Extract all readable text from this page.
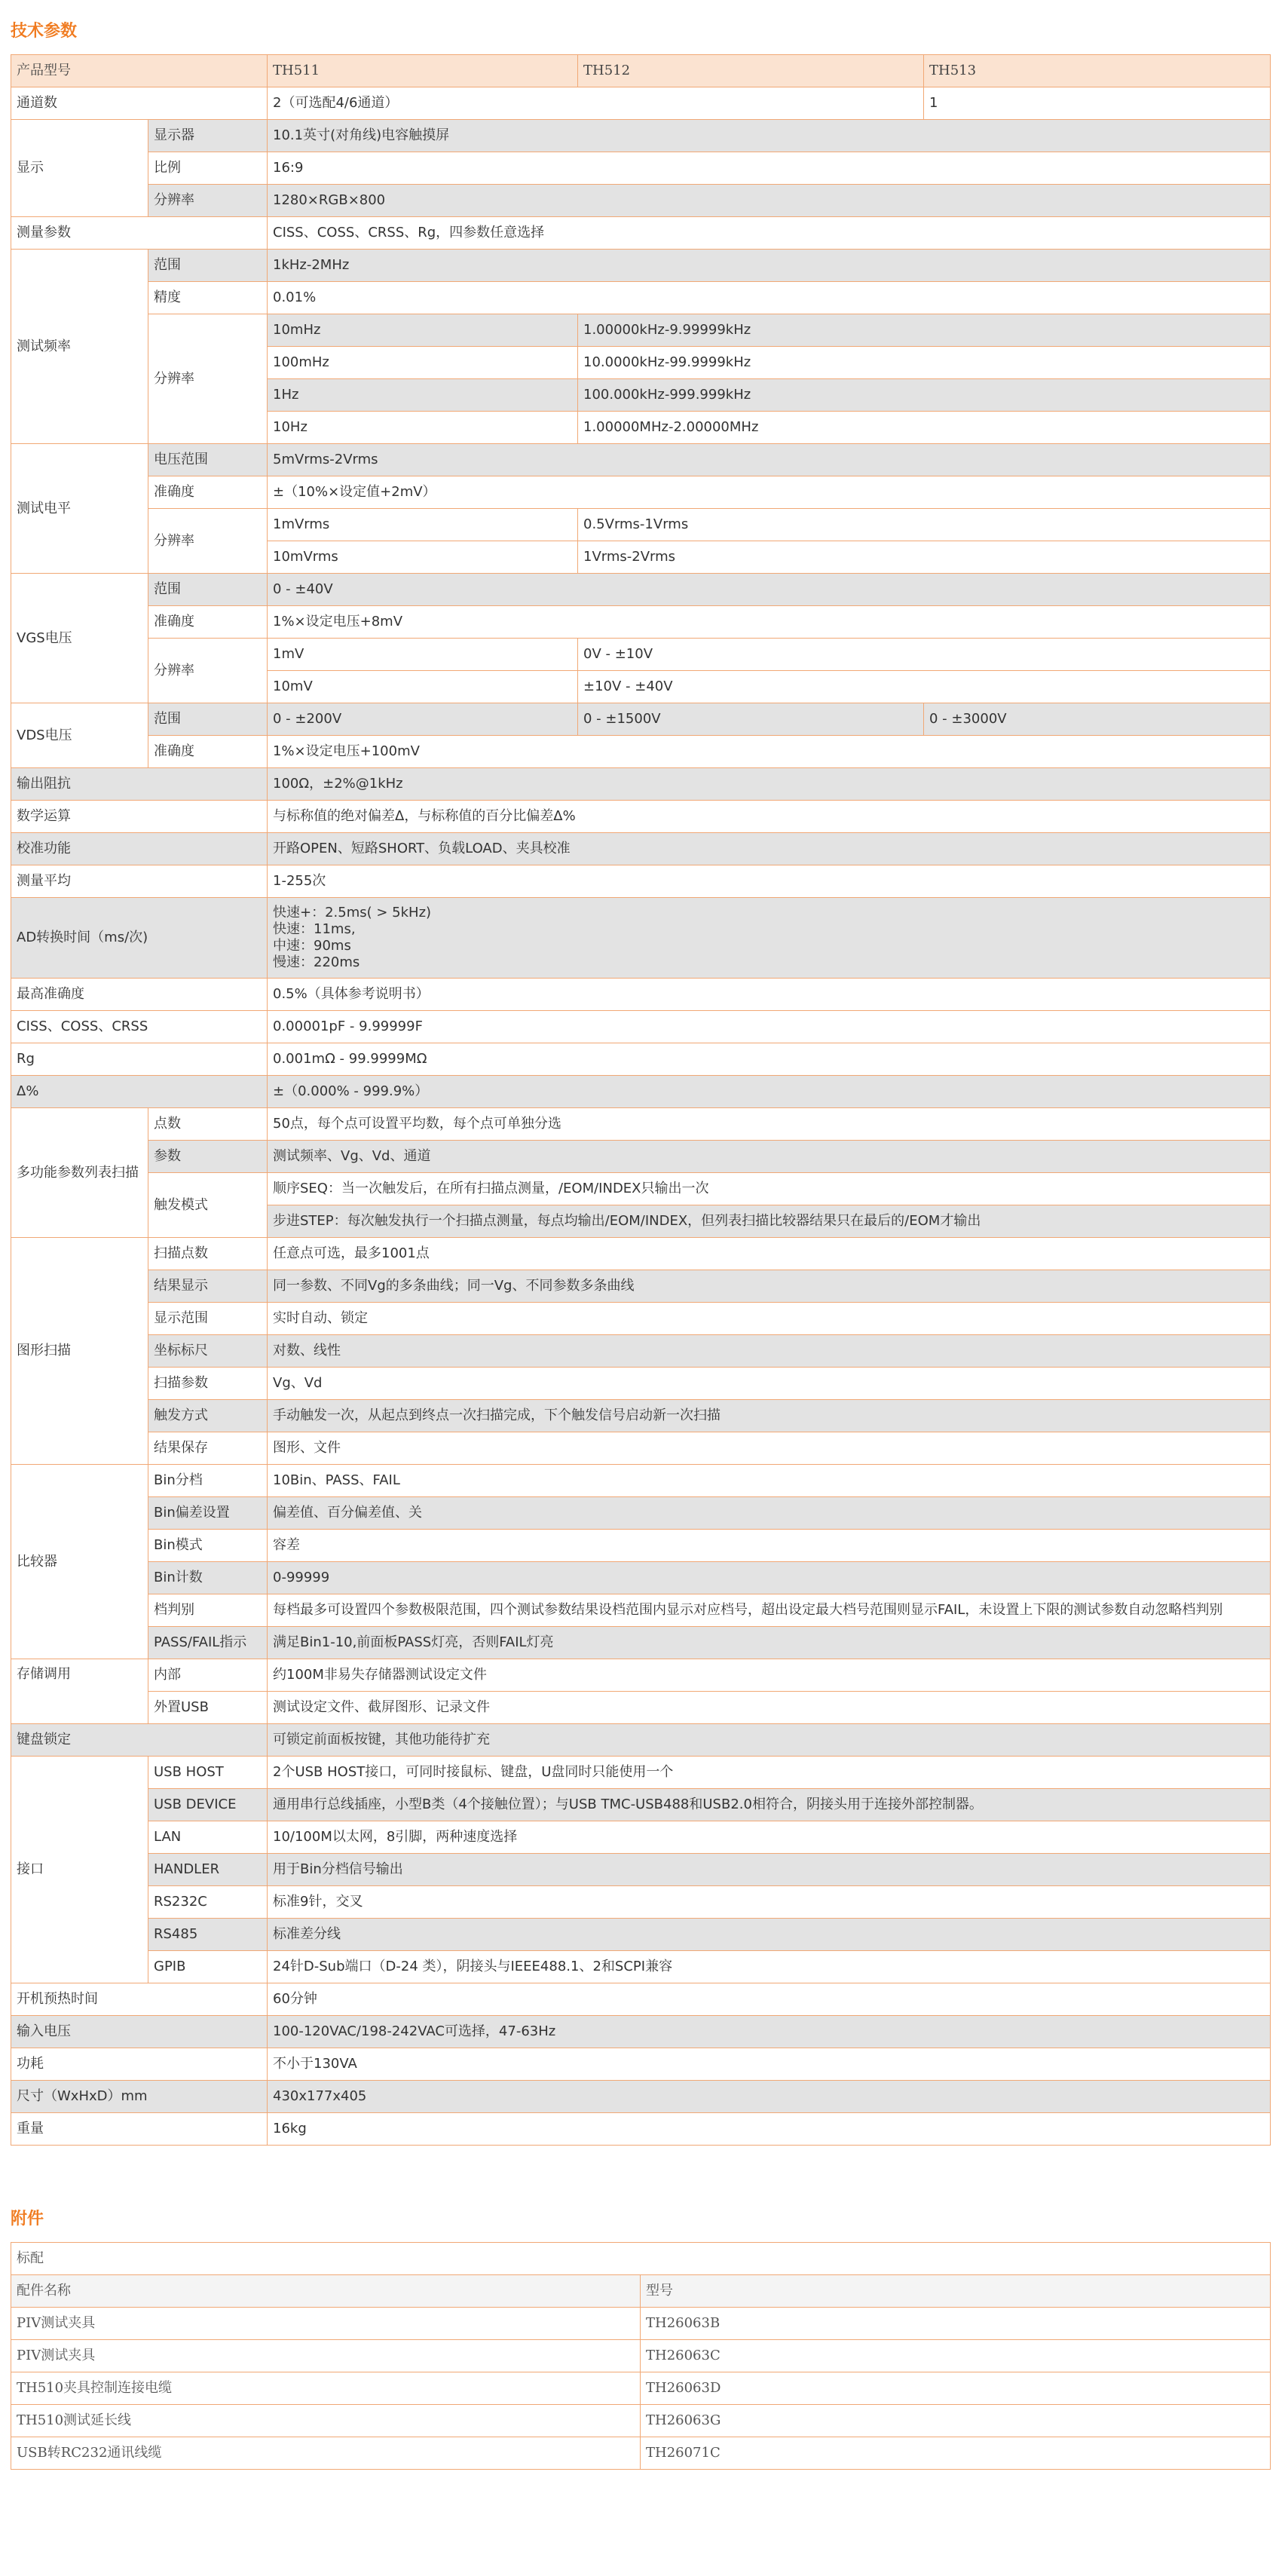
技术参数
产品型号		TH511	TH512	TH513
通道数		2（可选配4/6通道）		1
显示	显示器	10.1英寸(对角线)电容触摸屏		
	比例	16:9		
	分辨率	1280×RGB×800		
测量参数		CISS、COSS、CRSS、Rg，四参数任意选择		
测试频率	范围	1kHz-2MHz		
	精度	0.01%		
	分辨率	10mHz	1.00000kHz-9.99999kHz	
		100mHz	10.0000kHz-99.9999kHz	
		1Hz	100.000kHz-999.999kHz	
		10Hz	1.00000MHz-2.00000MHz	
测试电平	电压范围	5mVrms-2Vrms		
	准确度	±（10%×设定值+2mV）		
	分辨率	1mVrms	0.5Vrms-1Vrms	
		10mVrms	1Vrms-2Vrms	
VGS电压	范围	0 - ±40V		
	准确度	1%×设定电压+8mV		
	分辨率	1mV	0V - ±10V	
		10mV	±10V - ±40V	
VDS电压	范围	0 - ±200V	0 - ±1500V	0 - ±3000V
	准确度	1%×设定电压+100mV		
输出阻抗		100Ω，±2%@1kHz		
数学运算		与标称值的绝对偏差Δ，与标称值的百分比偏差Δ%		
校准功能		开路OPEN、短路SHORT、负载LOAD、夹具校准		
测量平均		1-255次		
AD转换时间（ms/次)		快速+：2.5ms( > 5kHz)
快速：11ms,
中速：90ms
慢速：220ms		
最高准确度		0.5%（具体参考说明书）		
CISS、COSS、CRSS		0.00001pF - 9.99999F		
Rg		0.001mΩ - 99.9999MΩ		
Δ%		±（0.000% - 999.9%）		
多功能参数列表扫描	点数	50点，每个点可设置平均数，每个点可单独分选		
	参数	测试频率、Vg、Vd、通道		
	触发模式	顺序SEQ：当一次触发后，在所有扫描点测量，/EOM/INDEX只输出一次		
		步进STEP：每次触发执行一个扫描点测量，每点均输出/EOM/INDEX，但列表扫描比较器结果只在最后的/EOM才输出		
图形扫描	扫描点数	任意点可选，最多1001点		
	结果显示	同一参数、不同Vg的多条曲线；同一Vg、不同参数多条曲线		
	显示范围	实时自动、锁定		
	坐标标尺	对数、线性		
	扫描参数	Vg、Vd		
	触发方式	手动触发一次，从起点到终点一次扫描完成，下个触发信号启动新一次扫描		
	结果保存	图形、文件		
比较器	Bin分档	10Bin、PASS、FAIL		
	Bin偏差设置	偏差值、百分偏差值、关		
	Bin模式	容差		
	Bin计数	0-99999		
	档判别	每档最多可设置四个参数极限范围，四个测试参数结果设档范围内显示对应档号，超出设定最大档号范围则显示FAIL，未设置上下限的测试参数自动忽略档判别		
	PASS/FAIL指示	满足Bin1-10,前面板PASS灯亮，否则FAIL灯亮		
存储调用	内部	约100M非易失存储器测试设定文件		
	外置USB	测试设定文件、截屏图形、记录文件		
键盘锁定		可锁定前面板按键，其他功能待扩充		
接口	USB HOST	2个USB HOST接口，可同时接鼠标、键盘，U盘同时只能使用一个		
	USB DEVICE	通用串行总线插座，小型B类（4个接触位置）；与USB TMC-USB488和USB2.0相符合，阴接头用于连接外部控制器。		
	LAN	10/100M以太网，8引脚，两种速度选择		
	HANDLER	用于Bin分档信号输出		
	RS232C	标准9针，交叉		
	RS485	标准差分线		
	GPIB	24针D-Sub端口（D-24 类），阴接头与IEEE488.1、2和SCPI兼容		
开机预热时间		60分钟		
输入电压		100-120VAC/198-242VAC可选择，47-63Hz		
功耗		不小于130VA		
尺寸（WxHxD）mm		430x177x405		
重量		16kg		
附件
标配	
配件名称	型号
PIV测试夹具	TH26063B
PIV测试夹具	TH26063C
TH510夹具控制连接电缆	TH26063D
TH510测试延长线	TH26063G
USB转RC232通讯线缆	TH26071C
